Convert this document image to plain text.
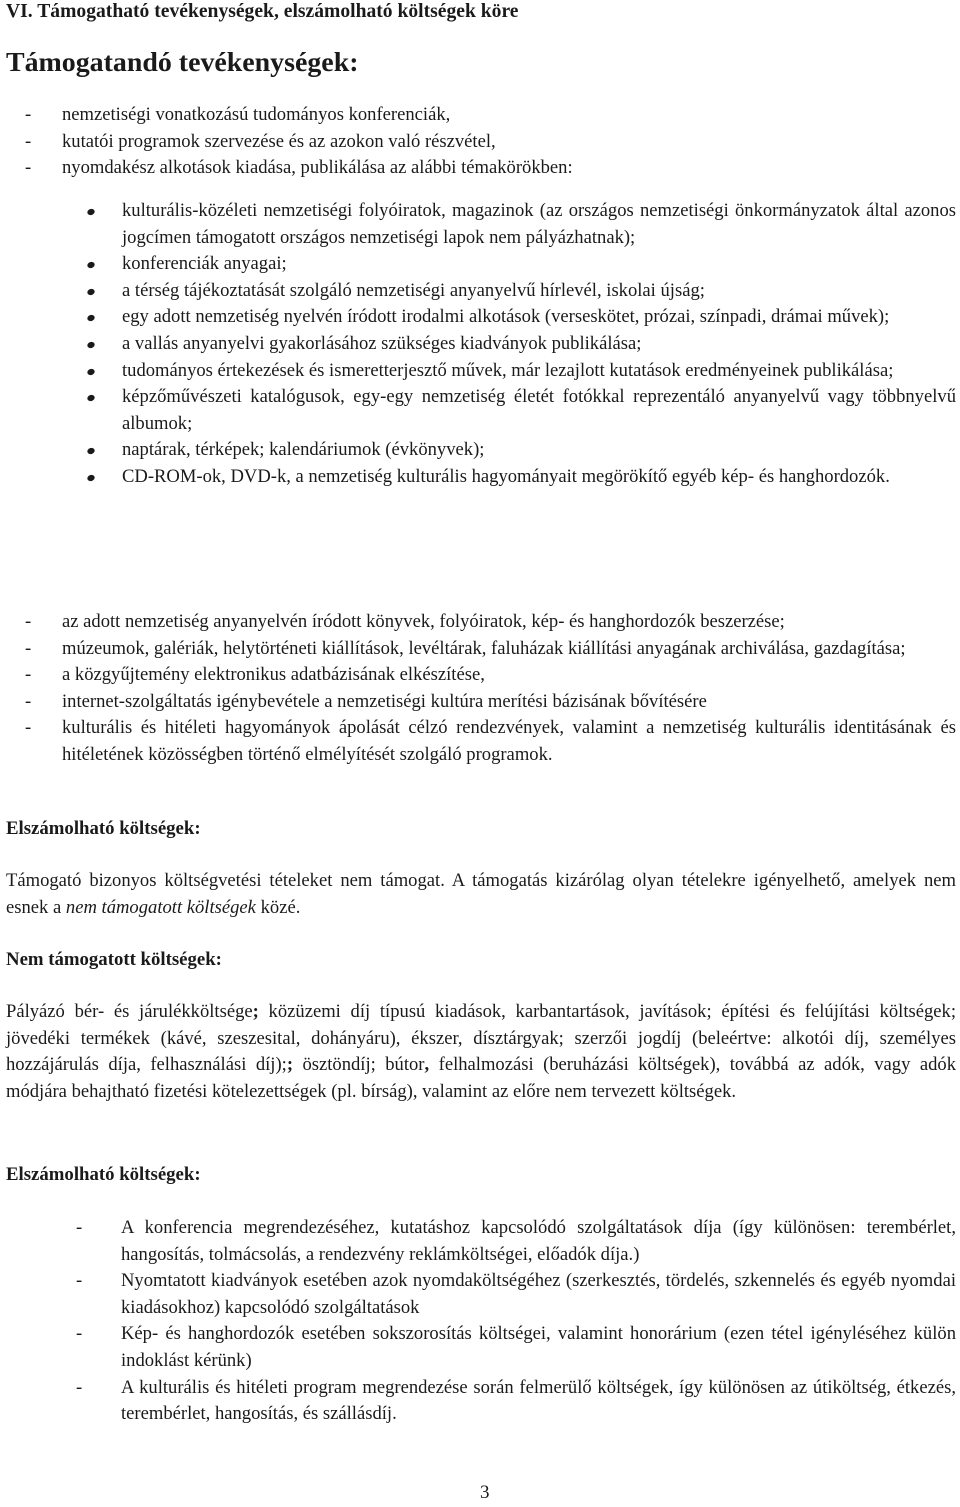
VI. Támogatható tevékenységek, elszámolható költségek köre
Támogatandó tevékenységek:
- nemzetiségi vonatkozású tudományos konferenciák,
- kutatói programok szervezése és az azokon való részvétel,
- nyomdakész alkotások kiadása, publikálása az alábbi témakörökben:
kulturális-közéleti nemzetiségi folyóiratok, magazinok (az országos nemzetiségi önkormányzatok által azonos jogcímen támogatott országos nemzetiségi lapok nem pályázhatnak);
konferenciák anyagai;
a térség tájékoztatását szolgáló nemzetiségi anyanyelvű hírlevél, iskolai újság;
egy adott nemzetiség nyelvén íródott irodalmi alkotások (verseskötet, prózai, színpadi, drámai művek);
a vallás anyanyelvi gyakorlásához szükséges kiadványok publikálása;
tudományos értekezések és ismeretterjesztő művek, már lezajlott kutatások eredményeinek publikálása;
képzőművészeti katalógusok, egy-egy nemzetiség életét fotókkal reprezentáló anyanyelvű vagy többnyelvű albumok;
naptárak, térképek; kalendáriumok (évkönyvek);
CD-ROM-ok, DVD-k, a nemzetiség kulturális hagyományait megörökítő egyéb kép- és hanghordozók.
- az adott nemzetiség anyanyelvén íródott könyvek, folyóiratok, kép- és hanghordozók beszerzése;
- múzeumok, galériák, helytörténeti kiállítások, levéltárak, faluházak kiállítási anyagának archiválása, gazdagítása;
- a közgyűjtemény elektronikus adatbázisának elkészítése,
- internet-szolgáltatás igénybevétele a nemzetiségi kultúra merítési bázisának bővítésére
- kulturális és hitéleti hagyományok ápolását célzó rendezvények, valamint a nemzetiség kulturális identitásának és hitéletének közösségben történő elmélyítését szolgáló programok.
Elszámolható költségek:

Támogató bizonyos költségvetési tételeket nem támogat. A támogatás kizárólag olyan tételekre igényelhető, amelyek nem esnek a nem támogatott költségek közé.

Nem támogatott költségek:

Pályázó bér- és járulékköltsége; közüzemi díj típusú kiadások, karbantartások, javítások; építési és felújítási költségek; jövedéki termékek (kávé, szeszesital, dohányáru), ékszer, dísztárgyak; szerzői jogdíj (beleértve: alkotói díj, személyes hozzájárulás díja, felhasználási díj);; ösztöndíj; bútor, felhalmozási (beruházási költségek), továbbá az adók, vagy adók módjára behajtható fizetési kötelezettségek (pl. bírság), valamint az előre nem tervezett költségek.

Elszámolható költségek:
- A konferencia megrendezéséhez, kutatáshoz kapcsolódó szolgáltatások díja (így különösen: terembérlet, hangosítás, tolmácsolás, a rendezvény reklámköltségei, előadók díja.)
- Nyomtatott kiadványok esetében azok nyomdaköltségéhez (szerkesztés, tördelés, szkennelés és egyéb nyomdai kiadásokhoz) kapcsolódó szolgáltatások
- Kép- és hanghordozók esetében sokszorosítás költségei, valamint honorárium (ezen tétel igényléséhez külön indoklást kérünk)
- A kulturális és hitéleti program megrendezése során felmerülő költségek, így különösen az útiköltség, étkezés, terembérlet, hangosítás, és szállásdíj.
3
